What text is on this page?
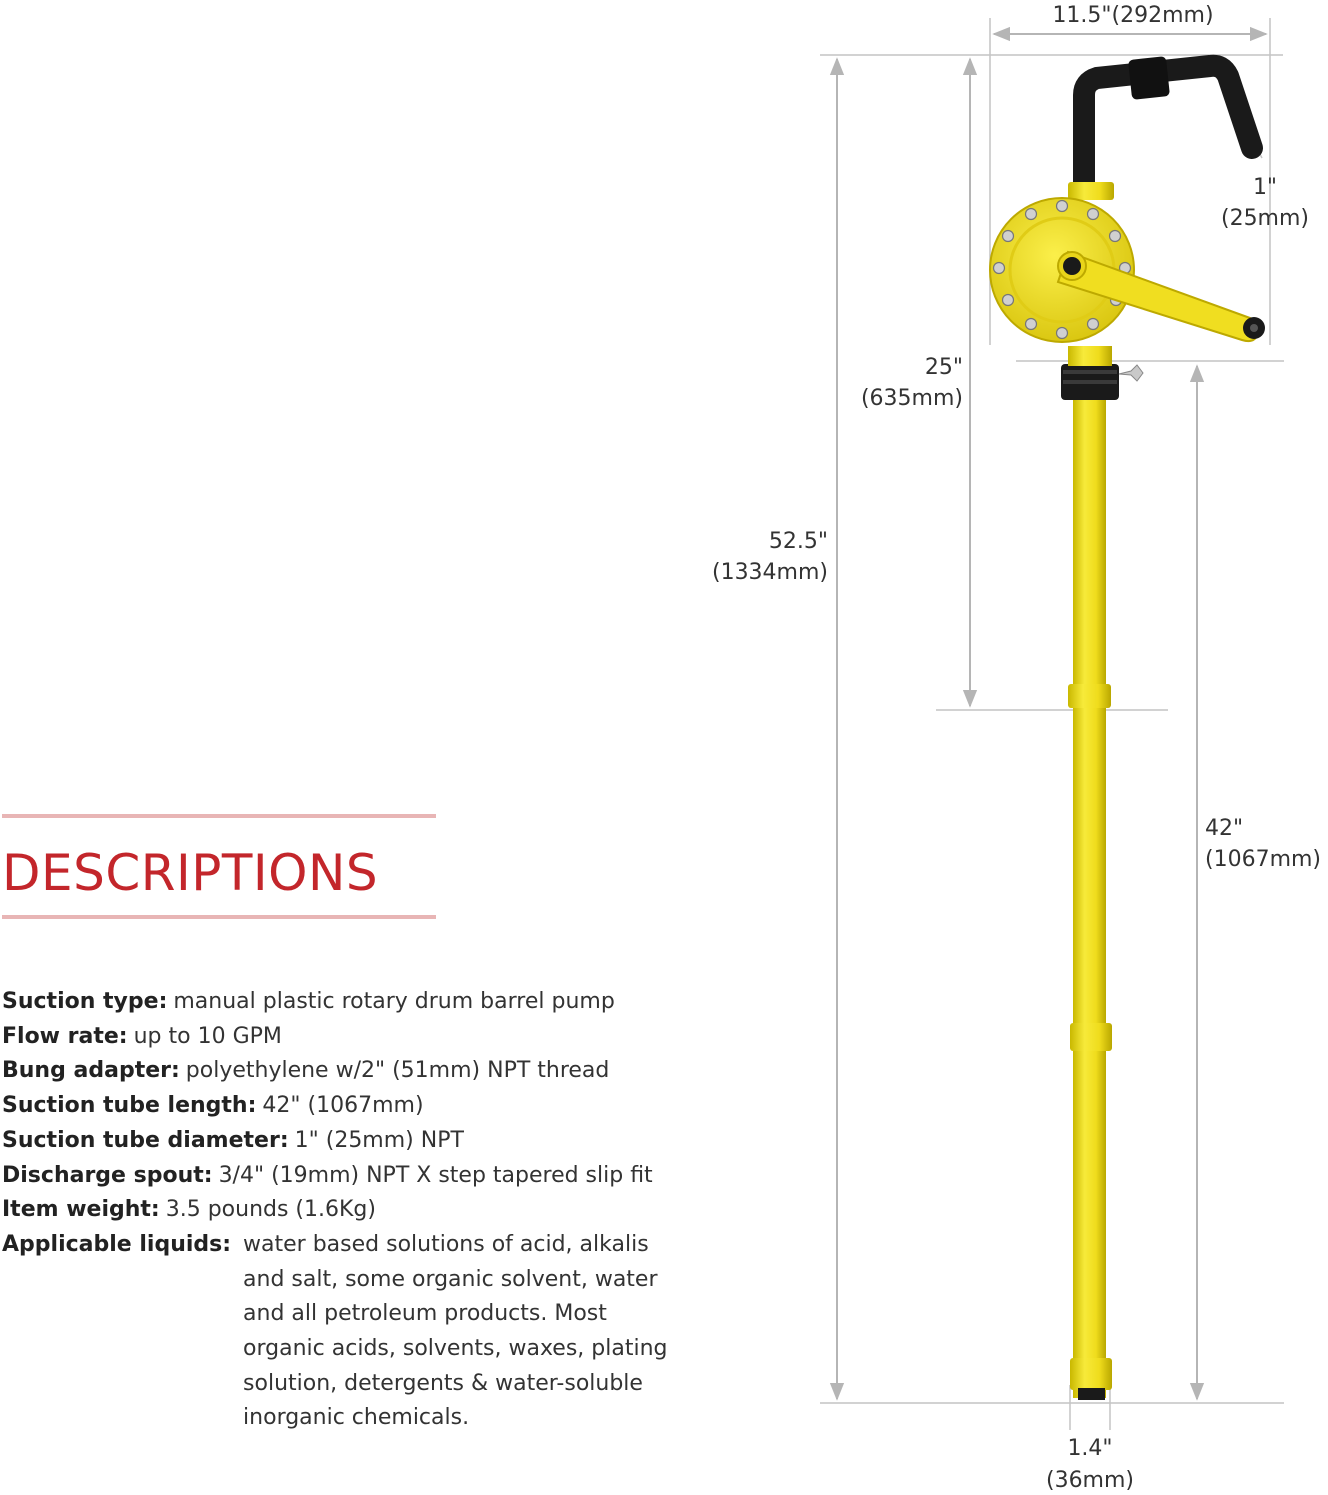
DESCRIPTIONS
Suction type: manual plastic rotary drum barrel pump
Flow rate: up to 10 GPM
Bung adapter: polyethylene w/2" (51mm) NPT thread
Suction tube length: 42" (1067mm)
Suction tube diameter: 1" (25mm) NPT
Discharge spout: 3/4" (19mm) NPT X step tapered slip fit
Item weight: 3.5 pounds (1.6Kg)
Applicable liquids: water based solutions of acid, alkalis
and salt, some organic solvent, water
and all petroleum products. Most
organic acids, solvents, waxes, plating
solution, detergents & water-soluble
inorganic chemicals.
11.5"(292mm)
1"
(25mm)
25"
(635mm)
52.5"
(1334mm)
42"
(1067mm)
1.4"
(36mm)
